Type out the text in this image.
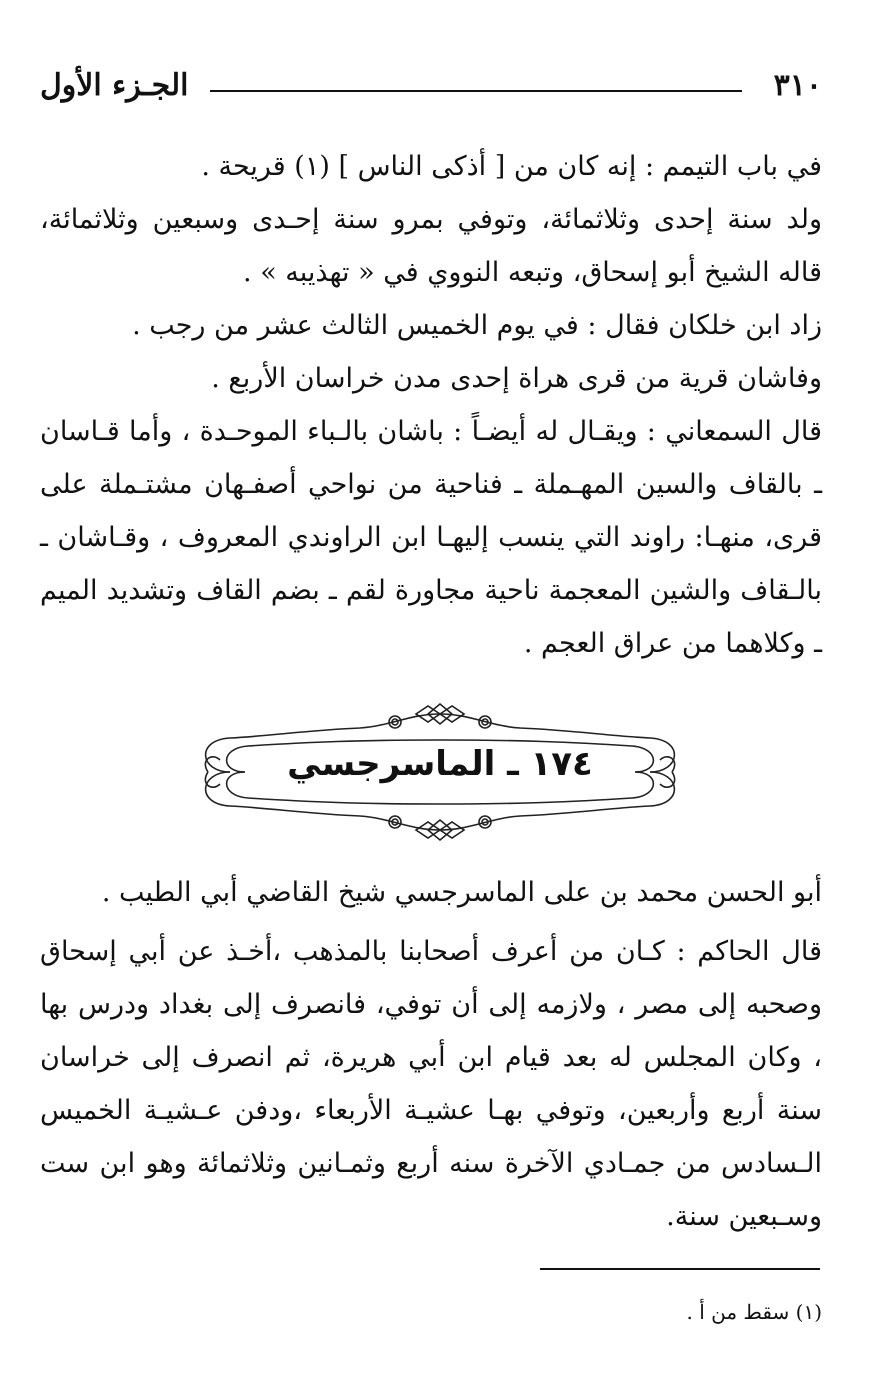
٣١٠
الجـزء الأول

في باب التيمم : إنه كان من [ أذكى الناس ] (١) قريحة .

ولد سنة إحدى وثلاثمائة، وتوفي بمرو سنة إحـدى وسبعين وثلاثمائة، قاله الشيخ أبو إسحاق، وتبعه النووي في « تهذيبه » .

زاد ابن خلكان فقال : في يوم الخميس الثالث عشر من رجب .

وفاشان قرية من قرى هراة إحدى مدن خراسان الأربع .

قال السمعاني : ويقـال له أيضـاً : باشان بالـباء الموحـدة ، وأما قـاسان ـ بالقاف والسين المهـملة ـ فناحية من نواحي أصفـهان مشتـملة على قرى، منهـا: راوند التي ينسب إليهـا ابن الراوندي المعروف ، وقـاشان ـ بالـقاف والشين المعجمة ناحية مجاورة لقم ـ بضم القاف وتشديد الميم ـ وكلاهما من عراق العجم .

١٧٤ ـ الماسرجسي

أبو الحسن محمد بن على الماسرجسي شيخ القاضي أبي الطيب .

قال الحاكم : كـان من أعرف أصحابنا بالمذهب ،أخـذ عن أبي إسحاق وصحبه إلى مصر ، ولازمه إلى أن توفي، فانصرف إلى بغداد ودرس بها ، وكان المجلس له بعد قيام ابن أبي هريرة، ثم انصرف إلى خراسان سنة أربع وأربعين، وتوفي بهـا عشيـة الأربعاء ،ودفن عـشيـة الخميس الـسادس من جمـادي الآخرة سنه أربع وثمـانين وثلاثمائة وهو ابن ست وسـبعين سنة.

(١) سقط من أ .
